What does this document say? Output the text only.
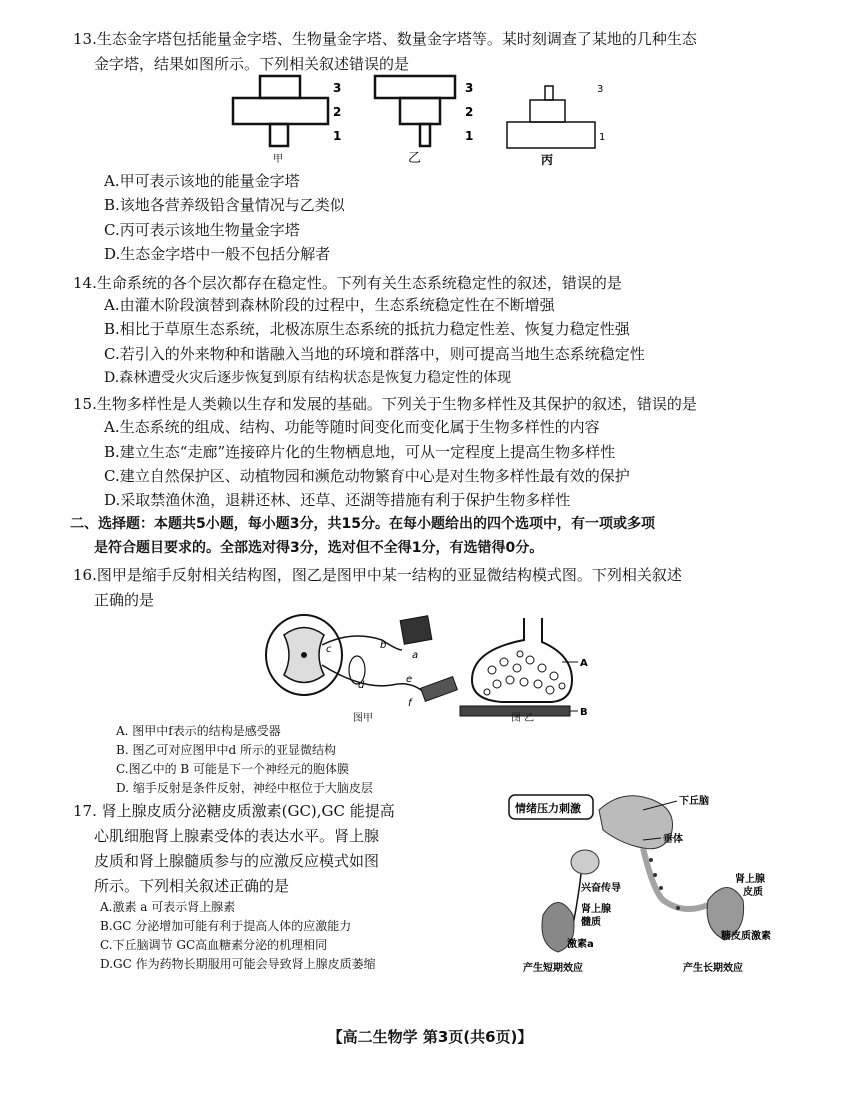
13.生态金字塔包括能量金字塔、生物量金字塔、数量金字塔等。某时刻调查了某地的几种生态
金字塔，结果如图所示。下列相关叙述错误的是
3
2
1
3
2
1
3
1
甲	乙	丙
A.甲可表示该地的能量金字塔
B.该地各营养级铅含量情况与乙类似
C.丙可表示该地生物量金字塔
D.生态金字塔中一般不包括分解者
14.生命系统的各个层次都存在稳定性。下列有关生态系统稳定性的叙述，错误的是
A.由灌木阶段演替到森林阶段的过程中，生态系统稳定性在不断增强
B.相比于草原生态系统，北极冻原生态系统的抵抗力稳定性差、恢复力稳定性强
C.若引入的外来物种和谐融入当地的环境和群落中，则可提高当地生态系统稳定性
D.森林遭受火灾后逐步恢复到原有结构状态是恢复力稳定性的体现
15.生物多样性是人类赖以生存和发展的基础。下列关于生物多样性及其保护的叙述，错误的是
A.生态系统的组成、结构、功能等随时间变化而变化属于生物多样性的内容
B.建立生态“走廊”连接碎片化的生物栖息地，可从一定程度上提高生物多样性
C.建立自然保护区、动植物园和濒危动物繁育中心是对生物多样性最有效的保护
D.采取禁渔休渔，退耕还林、还草、还湖等措施有利于保护生物多样性
二、选择题：本题共5小题，每小题3分，共15分。在每小题给出的四个选项中，有一项或多项
是符合题目要求的。全部选对得3分，选对但不全得1分，有选错得0分。
16.图甲是缩手反射相关结构图，图乙是图甲中某一结构的亚显微结构模式图。下列相关叙述
正确的是
c	b
a
d
e
f
A
B
图甲	图 乙
A. 图甲中f表示的结构是感受器
B. 图乙可对应图甲中d 所示的亚显微结构
C.图乙中的 B 可能是下一个神经元的胞体膜
D. 缩手反射是条件反射，神经中枢位于大脑皮层
17. 肾上腺皮质分泌糖皮质激素(GC),GC 能提高
心肌细胞肾上腺素受体的表达水平。肾上腺
皮质和肾上腺髓质参与的应激反应模式如图
所示。下列相关叙述正确的是
A.激素 a 可表示肾上腺素
B.GC 分泌增加可能有利于提高人体的应激能力
C.下丘脑调节 GC高血糖素分泌的机理相同
D.GC 作为药物长期服用可能会导致肾上腺皮质萎缩
情绪压力刺激
下丘脑
垂体
兴奋传导
肾上腺
髓质
激素a
肾上腺
皮质
糖皮质激素
产生短期效应	产生长期效应
【高二生物学 第3页(共6页)】
